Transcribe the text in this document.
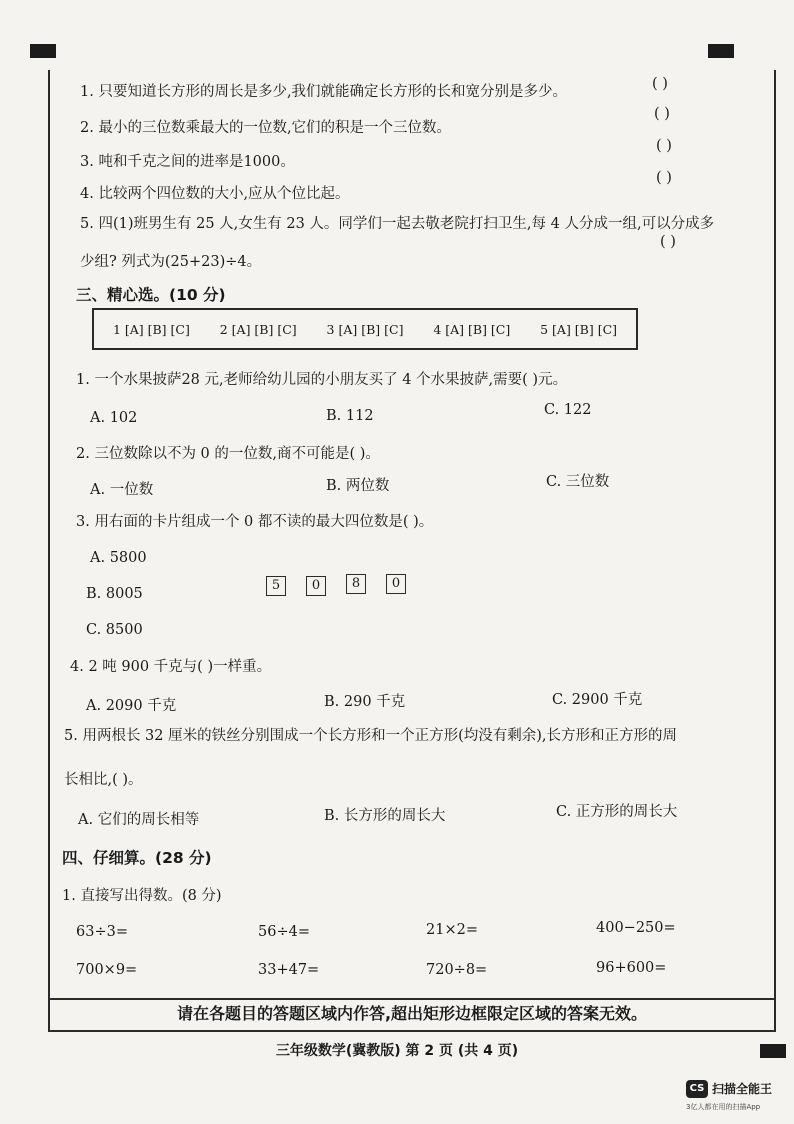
请在各题目的答题区域内作答,超出矩形边框限定区域的答案无效。
1. 只要知道长方形的周长是多少,我们就能确定长方形的长和宽分别是多少。	( )
2. 最小的三位数乘最大的一位数,它们的积是一个三位数。
( )
3. 吨和千克之间的进率是1000。
( )
4. 比较两个四位数的大小,应从个位比起。
( )
5. 四(1)班男生有 25 人,女生有 23 人。同学们一起去敬老院打扫卫生,每 4 人分成一组,可以分成多
少组? 列式为(25+23)÷4。
( )
三、精心选。(10 分)
1 [A] [B] [C] 2 [A] [B] [C] 3 [A] [B] [C] 4 [A] [B] [C] 5 [A] [B] [C]
1. 一个水果披萨28 元,老师给幼儿园的小朋友买了 4 个水果披萨,需要( )元。
A. 102	B. 112	C. 122
2. 三位数除以不为 0 的一位数,商不可能是( )。
A. 一位数	B. 两位数	C. 三位数
3. 用右面的卡片组成一个 0 都不读的最大四位数是( )。
A. 5800
B. 8005
C. 8500
5	0	8	0
4. 2 吨 900 千克与( )一样重。
A. 2090 千克	B. 290 千克	C. 2900 千克
5. 用两根长 32 厘米的铁丝分别围成一个长方形和一个正方形(均没有剩余),长方形和正方形的周
长相比,( )。
A. 它们的周长相等	B. 长方形的周长大	C. 正方形的周长大
四、仔细算。(28 分)
1. 直接写出得数。(8 分)
63÷3=	56÷4=	21×2=	400−250=
700×9=	33+47=	720÷8=	96+600=
三年级数学(冀教版) 第 2 页 (共 4 页)
CS 扫描全能王
3亿人都在用的扫描App
